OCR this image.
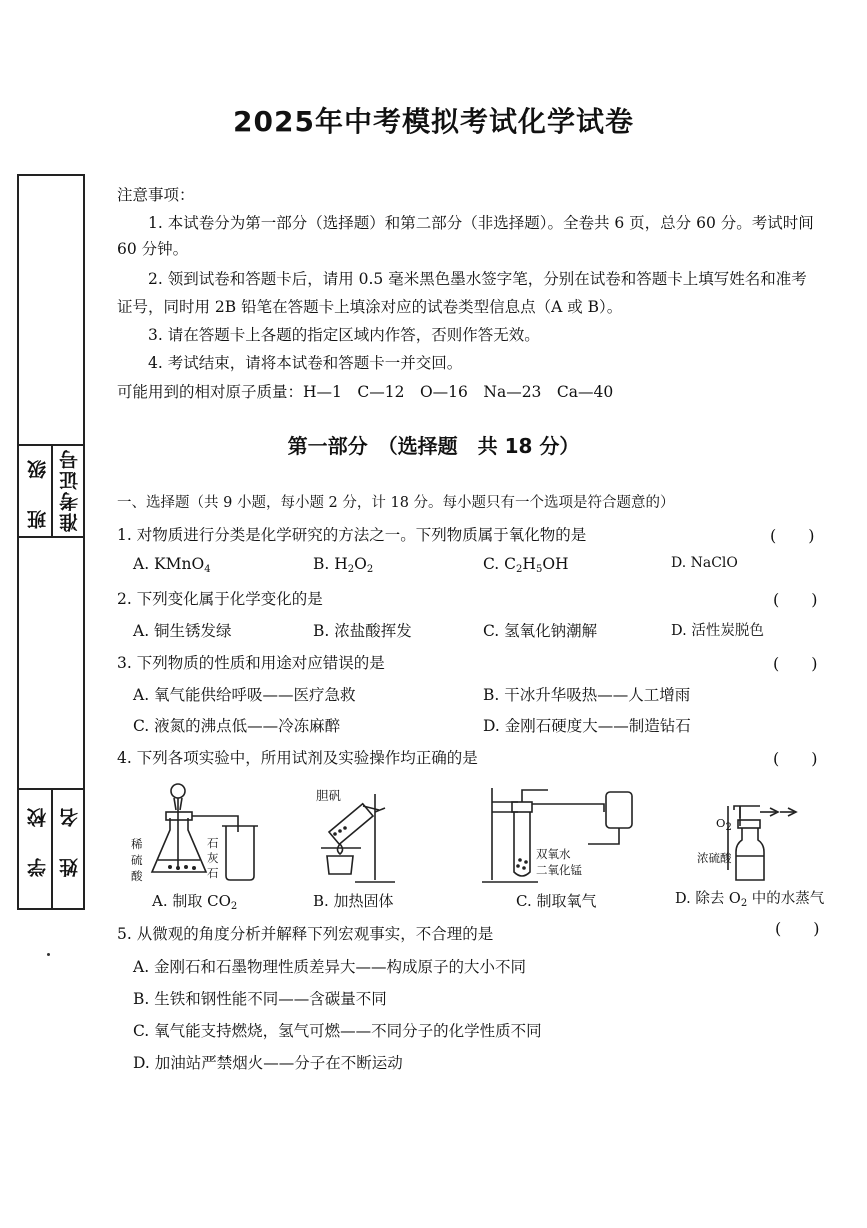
2025年中考模拟考试化学试卷
班　级 准考证号
学　校 姓　名
注意事项：
1. 本试卷分为第一部分（选择题）和第二部分（非选择题）。全卷共 6 页，总分 60 分。考试时间
60 分钟。
2. 领到试卷和答题卡后，请用 0.5 毫米黑色墨水签字笔，分别在试卷和答题卡上填写姓名和准考
证号，同时用 2B 铅笔在答题卡上填涂对应的试卷类型信息点（A 或 B）。
3. 请在答题卡上各题的指定区域内作答，否则作答无效。
4. 考试结束，请将本试卷和答题卡一并交回。
可能用到的相对原子质量：H—1　C—12　O—16　Na—23　Ca—40
第一部分　（选择题　共 18 分）
一、选择题（共 9 小题，每小题 2 分，计 18 分。每小题只有一个选项是符合题意的）
1. 对物质进行分类是化学研究的方法之一。下列物质属于氧化物的是	(　　)
A. KMnO$_4$	B. $H_2O_2$	C. $C_2H_5OH$	D. NaClO
2. 下列变化属于化学变化的是	(　　)
A. 铜生锈发绿	B. 浓盐酸挥发	C. 氢氧化钠潮解	D. 活性炭脱色
3. 下列物质的性质和用途对应错误的是	(　　)
A. 氧气能供给呼吸——医疗急救	B. 干冰升华吸热——人工增雨
C. 液氮的沸点低——冷冻麻醉	D. 金刚石硬度大——制造钻石
4. 下列各项实验中，所用试剂及实验操作均正确的是	(　　)
稀硫酸
石灰石
A. 制取 $CO_2$
胆矾
B. 加热固体
双氧水
二氧化锰
C. 制取氧气
$O_2$
浓硫酸
D. 除去 $O_2$ 中的水蒸气
(　　)
5. 从微观的角度分析并解释下列宏观事实，不合理的是
A. 金刚石和石墨物理性质差异大——构成原子的大小不同
B. 生铁和钢性能不同——含碳量不同
C. 氧气能支持燃烧，氢气可燃——不同分子的化学性质不同
D. 加油站严禁烟火——分子在不断运动
